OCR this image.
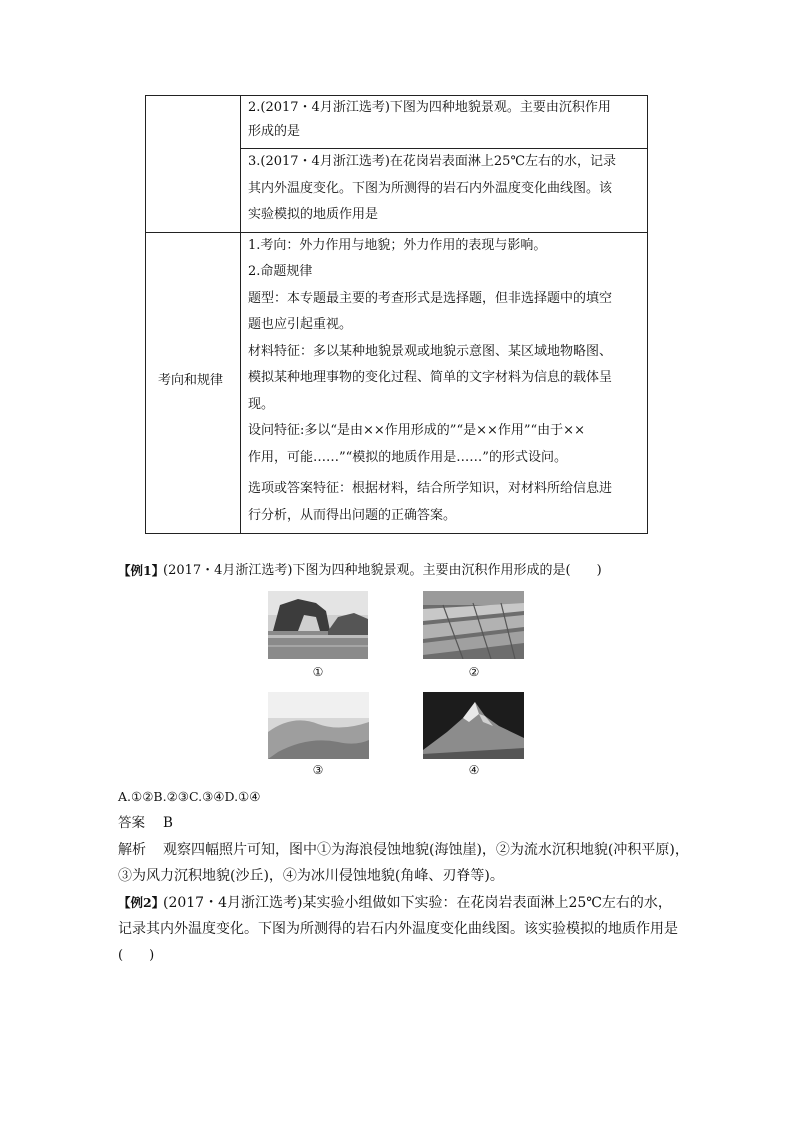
2.(2017・4月浙江选考)下图为四种地貌景观。主要由沉积作用
形成的是
3.(2017・4月浙江选考)在花岗岩表面淋上25℃左右的水，记录
其内外温度变化。下图为所测得的岩石内外温度变化曲线图。该
实验模拟的地质作用是
考向和规律
1.考向：外力作用与地貌；外力作用的表现与影响。
2.命题规律
题型：本专题最主要的考查形式是选择题，但非选择题中的填空
题也应引起重视。
材料特征：多以某种地貌景观或地貌示意图、某区域地物略图、
模拟某种地理事物的变化过程、简单的文字材料为信息的载体呈
现。
设问特征:多以“是由××作用形成的”“是××作用”“由于××
作用，可能……”“模拟的地质作用是……”的形式设问。
选项或答案特征：根据材料，结合所学知识，对材料所给信息进
行分析，从而得出问题的正确答案。
【例1】
(2017・4月浙江选考)下图为四种地貌景观。主要由沉积作用形成的是(　　)
①	②
③	④
A.①②B.②③C.③④D.①④
答案 B
解析 观察四幅照片可知，图中①为海浪侵蚀地貌(海蚀崖)，②为流水沉积地貌(冲积平原)，
③为风力沉积地貌(沙丘)，④为冰川侵蚀地貌(角峰、刃脊等)。
【例2】
(2017・4月浙江选考)某实验小组做如下实验：在花岗岩表面淋上25℃左右的水，
记录其内外温度变化。下图为所测得的岩石内外温度变化曲线图。该实验模拟的地质作用是
(　　)
